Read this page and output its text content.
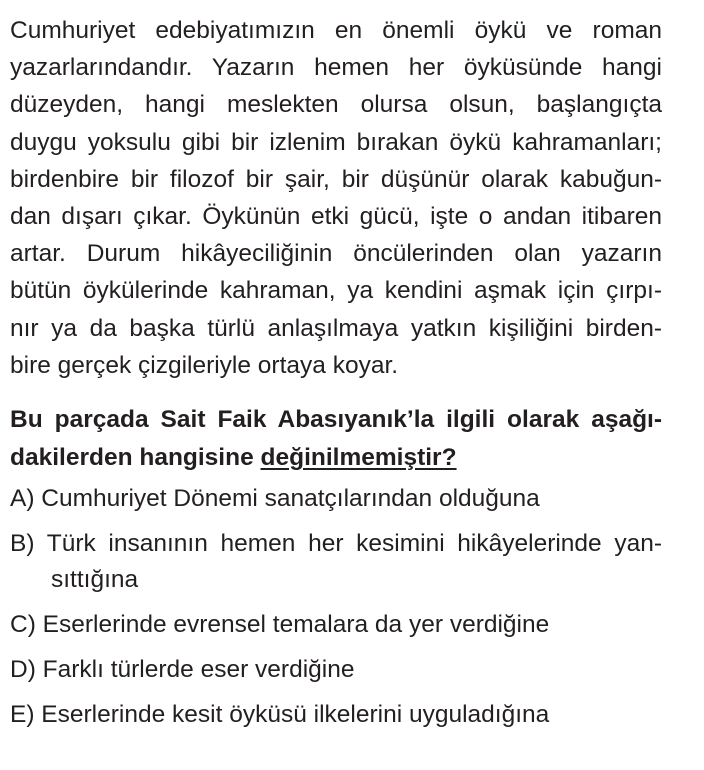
Cumhuriyet edebiyatımızın en önemli öykü ve roman
yazarlarındandır. Yazarın hemen her öyküsünde hangi
düzeyden, hangi meslekten olursa olsun, başlangıçta
duygu yoksulu gibi bir izlenim bırakan öykü kahramanları;
birdenbire bir filozof bir şair, bir düşünür olarak kabuğun-
dan dışarı çıkar. Öykünün etki gücü, işte o andan itibaren
artar. Durum hikâyeciliğinin öncülerinden olan yazarın
bütün öykülerinde kahraman, ya kendini aşmak için çırpı-
nır ya da başka türlü anlaşılmaya yatkın kişiliğini birden-
bire gerçek çizgileriyle ortaya koyar.
Bu parçada Sait Faik Abasıyanık’la ilgili olarak aşağı-
dakilerden hangisine değinilmemiştir?
A) Cumhuriyet Dönemi sanatçılarından olduğuna
B) Türk insanının hemen her kesimini hikâyelerinde yan-
sıttığına
C) Eserlerinde evrensel temalara da yer verdiğine
D) Farklı türlerde eser verdiğine
E) Eserlerinde kesit öyküsü ilkelerini uyguladığına
